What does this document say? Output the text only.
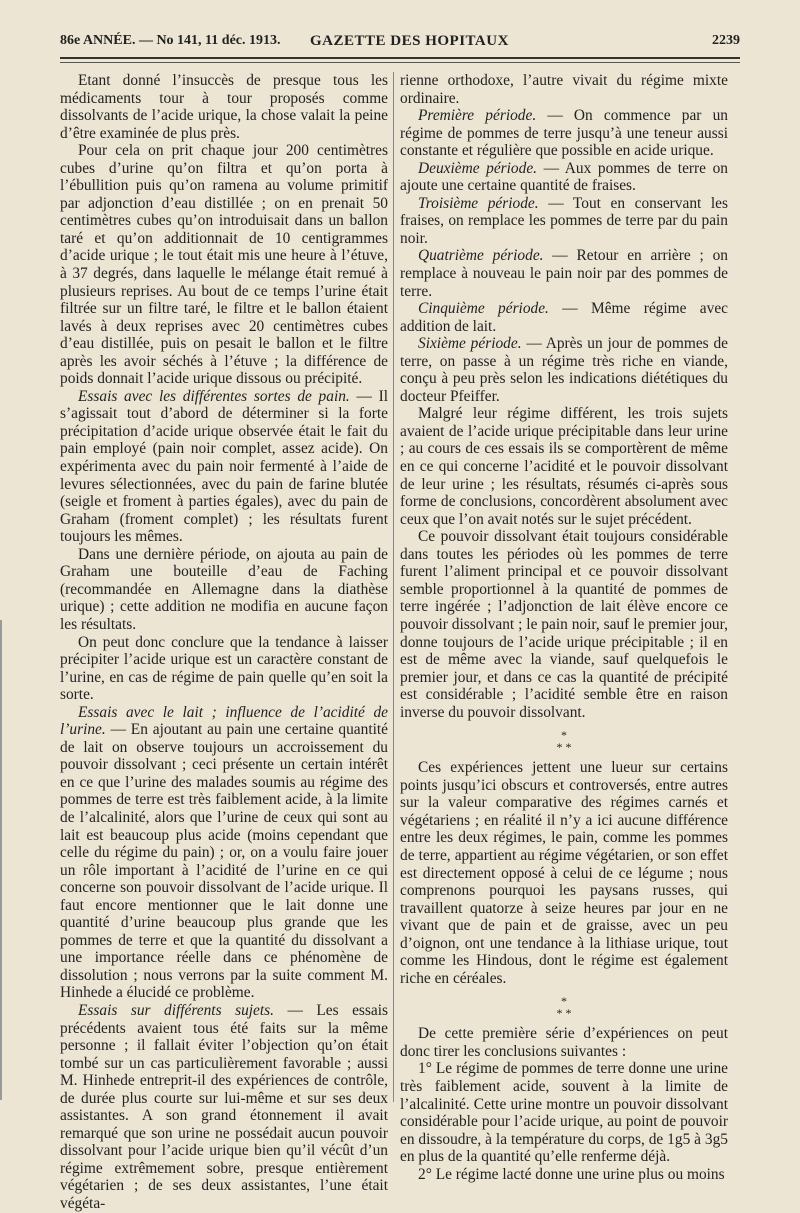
86e ANNÉE. — No 141, 11 déc. 1913. GAZETTE DES HOPITAUX	2239

Etant donné l’insuccès de presque tous les médicaments tour à tour proposés comme dissolvants de l’acide urique, la chose valait la peine d’être examinée de plus près.

Pour cela on prit chaque jour 200 centimètres cubes d’urine qu’on filtra et qu’on porta à l’ébullition puis qu’on ramena au volume primitif par adjonction d’eau distillée ; on en prenait 50 centimètres cubes qu’on introduisait dans un ballon taré et qu’on additionnait de 10 centigrammes d’acide urique ; le tout était mis une heure à l’étuve, à 37 degrés, dans laquelle le mélange était remué à plusieurs reprises. Au bout de ce temps l’urine était filtrée sur un filtre taré, le filtre et le ballon étaient lavés à deux reprises avec 20 centimètres cubes d’eau distillée, puis on pesait le ballon et le filtre après les avoir séchés à l’étuve ; la différence de poids donnait l’acide urique dissous ou précipité.

Essais avec les différentes sortes de pain. — Il s’agissait tout d’abord de déterminer si la forte précipitation d’acide urique observée était le fait du pain employé (pain noir complet, assez acide). On expérimenta avec du pain noir fermenté à l’aide de levures sélectionnées, avec du pain de farine blutée (seigle et froment à parties égales), avec du pain de Graham (froment complet) ; les résultats furent toujours les mêmes.

Dans une dernière période, on ajouta au pain de Graham une bouteille d’eau de Faching (recommandée en Allemagne dans la diathèse urique) ; cette addition ne modifia en aucune façon les résultats.

On peut donc conclure que la tendance à laisser précipiter l’acide urique est un caractère constant de l’urine, en cas de régime de pain quelle qu’en soit la sorte.

Essais avec le lait ; influence de l’acidité de l’urine. — En ajoutant au pain une certaine quantité de lait on observe toujours un accroissement du pouvoir dissolvant ; ceci présente un certain intérêt en ce que l’urine des malades soumis au régime des pommes de terre est très faiblement acide, à la limite de l’alcalinité, alors que l’urine de ceux qui sont au lait est beaucoup plus acide (moins cependant que celle du régime du pain) ; or, on a voulu faire jouer un rôle important à l’acidité de l’urine en ce qui concerne son pouvoir dissolvant de l’acide urique. Il faut encore mentionner que le lait donne une quantité d’urine beaucoup plus grande que les pommes de terre et que la quantité du dissolvant a une importance réelle dans ce phénomène de dissolution ; nous verrons par la suite comment M. Hinhede a élucidé ce problème.

Essais sur différents sujets. — Les essais précédents avaient tous été faits sur la même personne ; il fallait éviter l’objection qu’on était tombé sur un cas particulièrement favorable ; aussi M. Hinhede entreprit-il des expériences de contrôle, de durée plus courte sur lui-même et sur ses deux assistantes. A son grand étonnement il avait remarqué que son urine ne possédait aucun pouvoir dissolvant pour l’acide urique bien qu’il vécût d’un régime extrêmement sobre, presque entièrement végétarien ; de ses deux assistantes, l’une était végéta-

rienne orthodoxe, l’autre vivait du régime mixte ordinaire.

Première période. — On commence par un régime de pommes de terre jusqu’à une teneur aussi constante et régulière que possible en acide urique.

Deuxième période. — Aux pommes de terre on ajoute une certaine quantité de fraises.

Troisième période. — Tout en conservant les fraises, on remplace les pommes de terre par du pain noir.

Quatrième période. — Retour en arrière ; on remplace à nouveau le pain noir par des pommes de terre.

Cinquième période. — Même régime avec addition de lait.

Sixième période. — Après un jour de pommes de terre, on passe à un régime très riche en viande, conçu à peu près selon les indications diététiques du docteur Pfeiffer.

Malgré leur régime différent, les trois sujets avaient de l’acide urique précipitable dans leur urine ; au cours de ces essais ils se comportèrent de même en ce qui concerne l’acidité et le pouvoir dissolvant de leur urine ; les résultats, résumés ci-après sous forme de conclusions, concordèrent absolument avec ceux que l’on avait notés sur le sujet précédent.

Ce pouvoir dissolvant était toujours considérable dans toutes les périodes où les pommes de terre furent l’aliment principal et ce pouvoir dissolvant semble proportionnel à la quantité de pommes de terre ingérée ; l’adjonction de lait élève encore ce pouvoir dissolvant ; le pain noir, sauf le premier jour, donne toujours de l’acide urique précipitable ; il en est de même avec la viande, sauf quelquefois le premier jour, et dans ce cas la quantité de précipité est considérable ; l’acidité semble être en raison inverse du pouvoir dissolvant.

*
* *

Ces expériences jettent une lueur sur certains points jusqu’ici obscurs et controversés, entre autres sur la valeur comparative des régimes carnés et végétariens ; en réalité il n’y a ici aucune différence entre les deux régimes, le pain, comme les pommes de terre, appartient au régime végétarien, or son effet est directement opposé à celui de ce légume ; nous comprenons pourquoi les paysans russes, qui travaillent quatorze à seize heures par jour en ne vivant que de pain et de graisse, avec un peu d’oignon, ont une tendance à la lithiase urique, tout comme les Hindous, dont le régime est également riche en céréales.

*
* *

De cette première série d’expériences on peut donc tirer les conclusions suivantes :

1° Le régime de pommes de terre donne une urine très faiblement acide, souvent à la limite de l’alcalinité. Cette urine montre un pouvoir dissolvant considérable pour l’acide urique, au point de pouvoir en dissoudre, à la température du corps, de 1g5 à 3g5 en plus de la quantité qu’elle renferme déjà.

2° Le régime lacté donne une urine plus ou moins
